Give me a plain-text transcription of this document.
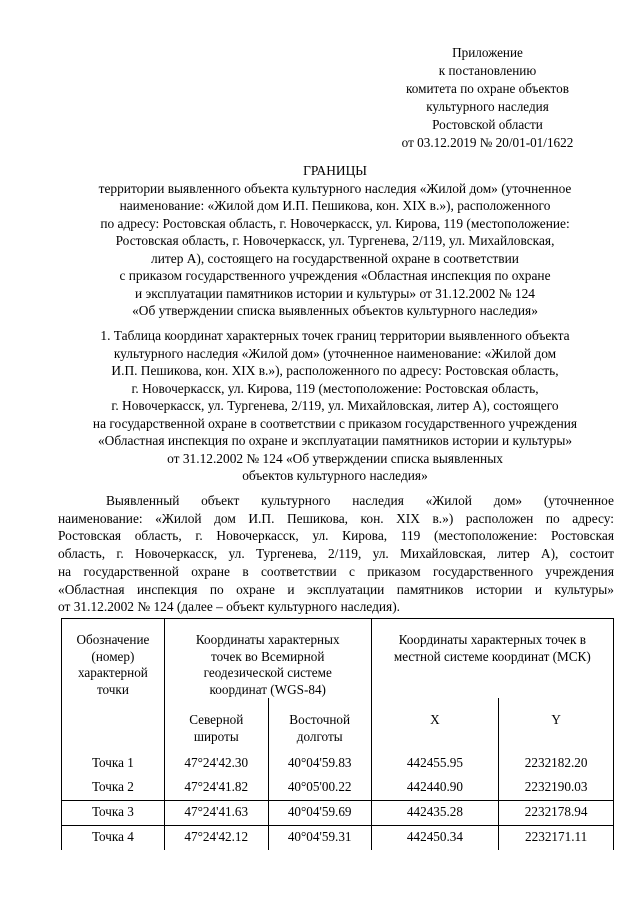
Приложение
к постановлению
комитета по охране объектов
культурного наследия
Ростовской области
от 03.12.2019 № 20/01-01/1622
ГРАНИЦЫ
территории выявленного объекта культурного наследия «Жилой дом» (уточненное
наименование: «Жилой дом И.П. Пешикова, кон. XIX в.»), расположенного
по адресу: Ростовская область, г. Новочеркасск, ул. Кирова, 119 (местоположение:
Ростовская область, г. Новочеркасск, ул. Тургенева, 2/119, ул. Михайловская,
литер А), состоящего на государственной охране в соответствии
с приказом государственного учреждения «Областная инспекция по охране
и эксплуатации памятников истории и культуры» от 31.12.2002 № 124
«Об утверждении списка выявленных объектов культурного наследия»
1. Таблица координат характерных точек границ территории выявленного объекта
культурного наследия «Жилой дом» (уточненное наименование: «Жилой дом
И.П. Пешикова, кон. XIX в.»), расположенного по адресу: Ростовская область,
г. Новочеркасск, ул. Кирова, 119 (местоположение: Ростовская область,
г. Новочеркасск, ул. Тургенева, 2/119, ул. Михайловская, литер А), состоящего
на государственной охране в соответствии с приказом государственного учреждения
«Областная инспекция по охране и эксплуатации памятников истории и культуры»
от 31.12.2002 № 124 «Об утверждении списка выявленных
объектов культурного наследия»
Выявленный объект культурного наследия «Жилой дом» (уточненное
наименование: «Жилой дом И.П. Пешикова, кон. XIX в.») расположен по адресу:
Ростовская область, г. Новочеркасск, ул. Кирова, 119 (местоположение: Ростовская
область, г. Новочеркасск, ул. Тургенева, 2/119, ул. Михайловская, литер А), состоит
на государственной охране в соответствии с приказом государственного учреждения
«Областная инспекция по охране и эксплуатации памятников истории и культуры»
от 31.12.2002 № 124 (далее – объект культурного наследия).
Обозначение (номер) характерной точки	Координаты характерных точек во Всемирной геодезической системе координат (WGS-84)		Координаты характерных точек в местной системе координат (МСК)	
	Северной широты	Восточной долготы	X	Y
Точка 1	47°24'42.30	40°04'59.83	442455.95	2232182.20
Точка 2	47°24'41.82	40°05'00.22	442440.90	2232190.03
Точка 3	47°24'41.63	40°04'59.69	442435.28	2232178.94
Точка 4	47°24'42.12	40°04'59.31	442450.34	2232171.11
